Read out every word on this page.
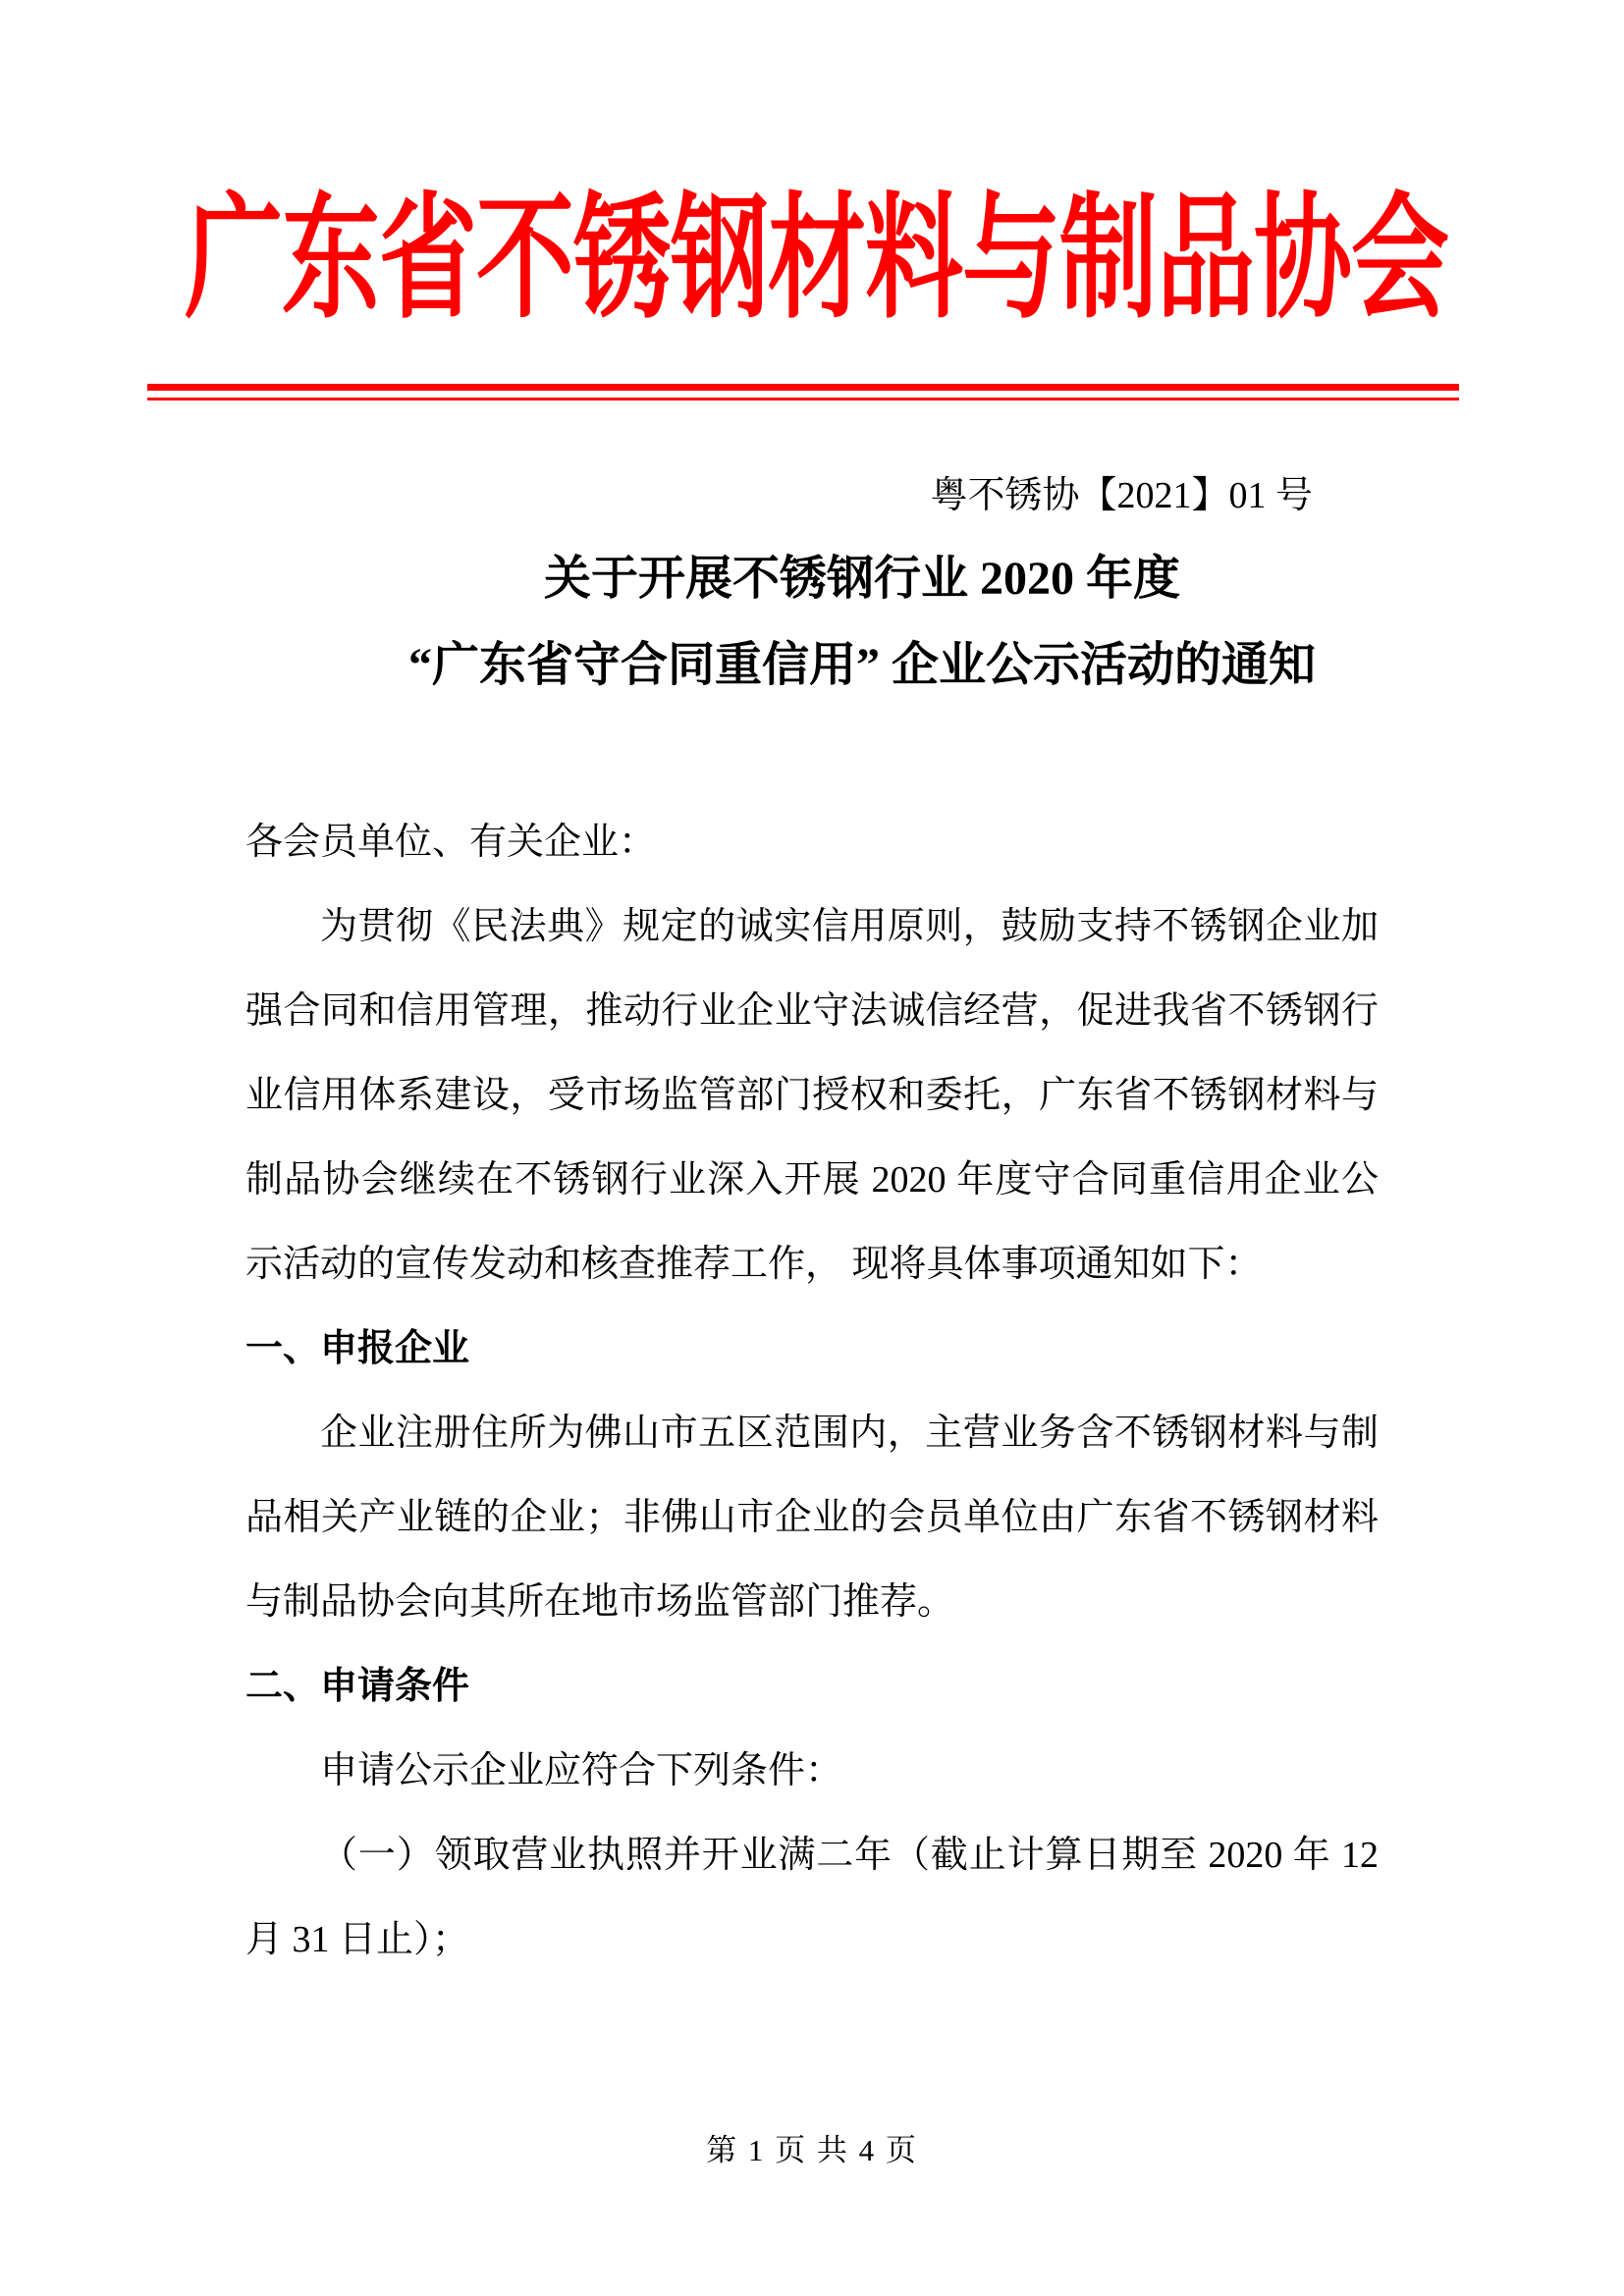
广东省不锈钢材料与制品协会
粤不锈协【2021】01 号
关于开展不锈钢行业 2020 年度
“广东省守合同重信用” 企业公示活动的通知
各会员单位、有关企业：
为贯彻《民法典》规定的诚实信用原则，鼓励支持不锈钢企业加
强合同和信用管理，推动行业企业守法诚信经营，促进我省不锈钢行
业信用体系建设，受市场监管部门授权和委托，广东省不锈钢材料与
制品协会继续在不锈钢行业深入开展 2020 年度守合同重信用企业公
示活动的宣传发动和核查推荐工作， 现将具体事项通知如下：
一、申报企业
企业注册住所为佛山市五区范围内，主营业务含不锈钢材料与制
品相关产业链的企业；非佛山市企业的会员单位由广东省不锈钢材料
与制品协会向其所在地市场监管部门推荐。
二、申请条件
申请公示企业应符合下列条件：
（一）领取营业执照并开业满二年（截止计算日期至 2020 年 12
月 31 日止）；
第 1 页 共 4 页
